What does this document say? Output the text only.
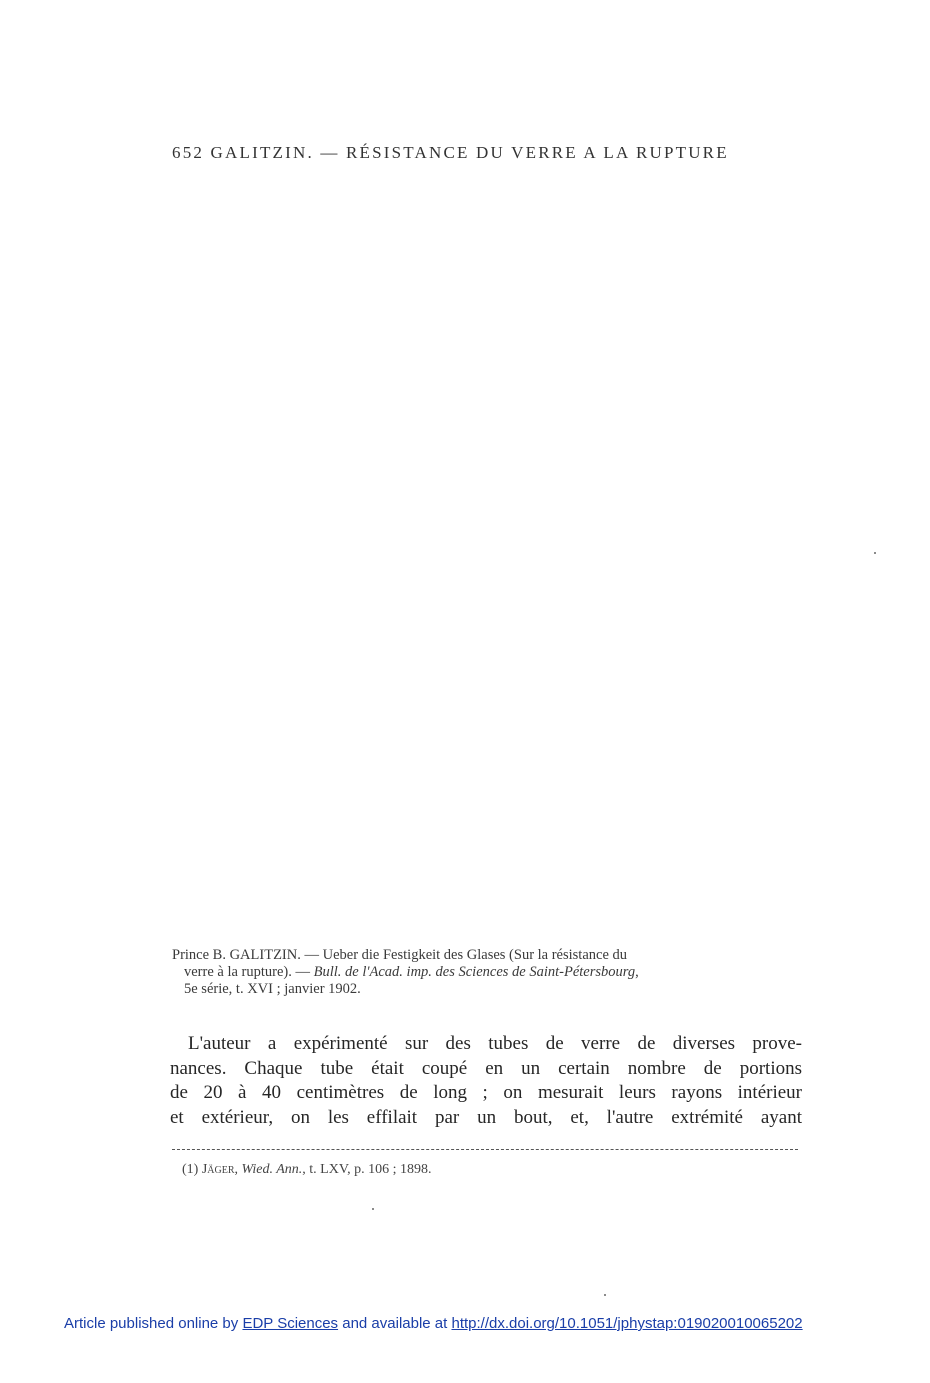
652 GALITZIN. — RÉSISTANCE DU VERRE A LA RUPTURE
Prince B. GALITZIN. — Ueber die Festigkeit des Glases (Sur la résistance du
verre à la rupture). — Bull. de l'Acad. imp. des Sciences de Saint-Pétersbourg,
5e série, t. XVI ; janvier 1902.
L'auteur a expérimenté sur des tubes de verre de diverses prove-
nances. Chaque tube était coupé en un certain nombre de portions
de 20 à 40 centimètres de long ; on mesurait leurs rayons intérieur
et extérieur, on les effilait par un bout, et, l'autre extrémité ayant
(1) Jäger, Wied. Ann., t. LXV, p. 106 ; 1898.
Article published online by EDP Sciences and available at http://dx.doi.org/10.1051/jphystap:019020010065202
